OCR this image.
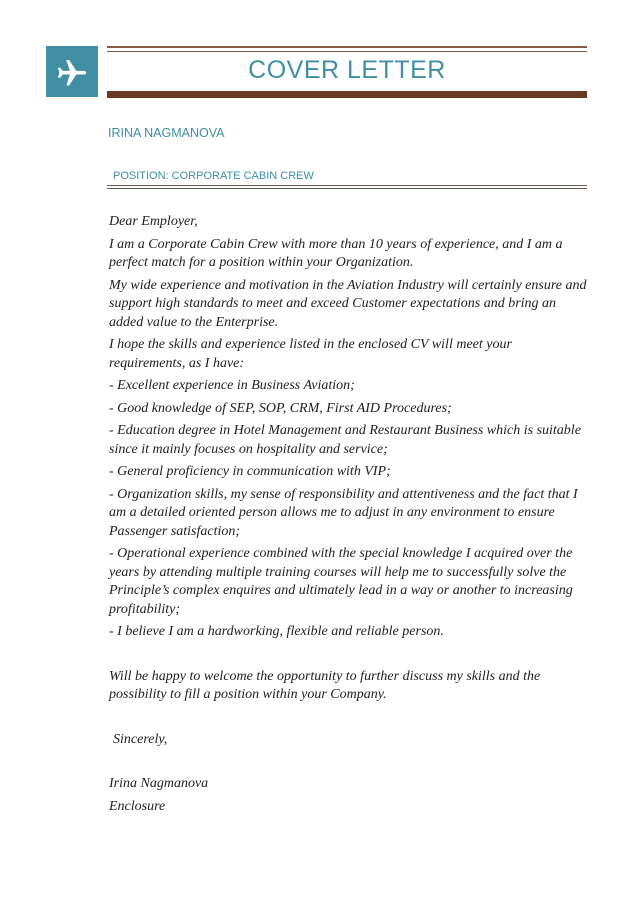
COVER LETTER
IRINA NAGMANOVA
POSITION: CORPORATE CABIN CREW

Dear Employer,

I am a Corporate Cabin Crew with more than 10 years of experience, and I am a perfect match for a position within your Organization.

My wide experience and motivation in the Aviation Industry will certainly ensure and support high standards to meet and exceed Customer expectations and bring an added value to the Enterprise.

I hope the skills and experience listed in the enclosed CV will meet your requirements, as I have:

- Excellent experience in Business Aviation;

- Good knowledge of SEP, SOP, CRM, First AID Procedures;

- Education degree in Hotel Management and Restaurant Business which is suitable since it mainly focuses on hospitality and service;

- General proficiency in communication with VIP;

- Organization skills, my sense of responsibility and attentiveness and the fact that I am a detailed oriented person allows me to adjust in any environment to ensure Passenger satisfaction;

- Operational experience combined with the special knowledge I acquired over the years by attending multiple training courses will help me to successfully solve the Principle’s complex enquires and ultimately lead in a way or another to increasing profitability;

- I believe I am a hardworking, flexible and reliable person.

Will be happy to welcome the opportunity to further discuss my skills and the possibility to fill a position within your Company.

Sincerely,

Irina Nagmanova

Enclosure
